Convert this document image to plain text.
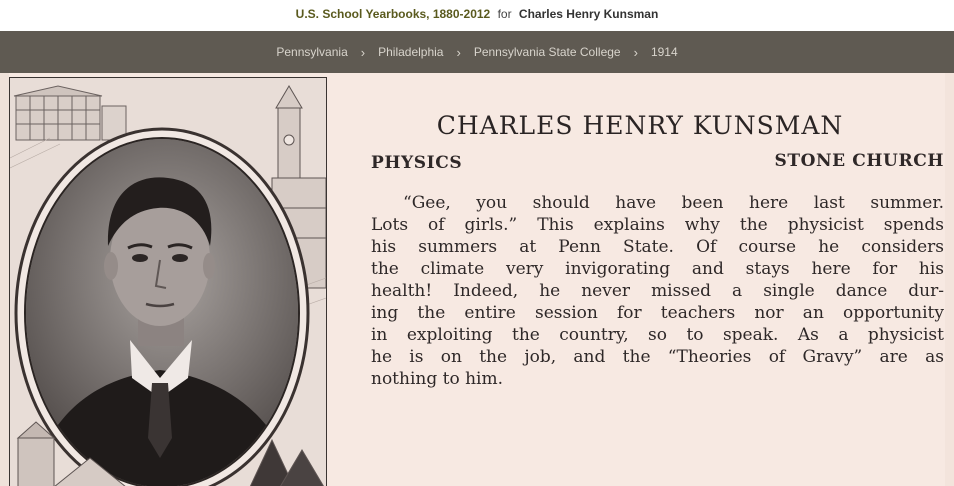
U.S. School Yearbooks, 1880-2012 for Charles Henry Kunsman
Pennsylvania › Philadelphia › Pennsylvania State College › 1914
CHARLES HENRY KUNSMAN
PHYSICS	STONE CHURCH
“Gee, you should have been here last summer.
Lots of girls.” This explains why the physicist spends
his summers at Penn State. Of course he considers
the climate very invigorating and stays here for his
health! Indeed, he never missed a single dance dur-
ing the entire session for teachers nor an opportunity
in exploiting the country, so to speak. As a physicist
he is on the job, and the “Theories of Gravy” are as
nothing to him.
